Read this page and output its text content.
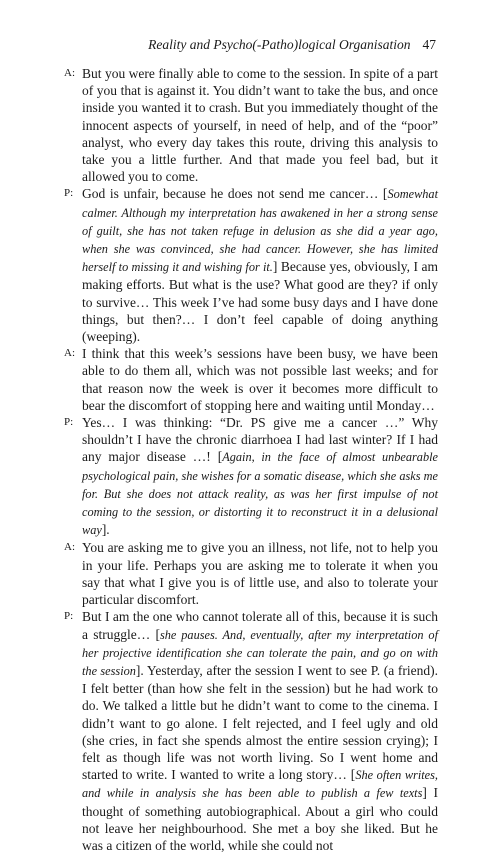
Reality and Psycho(-Patho)logical Organisation 47

A: But you were finally able to come to the session. In spite of a part of you that is against it. You didn’t want to take the bus, and once inside you wanted it to crash. But you immediately thought of the innocent aspects of yourself, in need of help, and of the “poor” analyst, who every day takes this route, driving this analysis to take you a little further. And that made you feel bad, but it allowed you to come.

P: God is unfair, because he does not send me cancer… [Somewhat calmer. Although my interpretation has awakened in her a strong sense of guilt, she has not taken refuge in delusion as she did a year ago, when she was convinced, she had cancer. However, she has limited herself to missing it and wishing for it.] Because yes, obviously, I am making efforts. But what is the use? What good are they? if only to survive… This week I’ve had some busy days and I have done things, but then?… I don’t feel capable of doing anything (weeping).

A: I think that this week’s sessions have been busy, we have been able to do them all, which was not possible last weeks; and for that reason now the week is over it becomes more difficult to bear the discomfort of stopping here and waiting until Monday…

P: Yes… I was thinking: “Dr. PS give me a cancer …” Why shouldn’t I have the chronic diarrhoea I had last winter? If I had any major disease …! [Again, in the face of almost unbearable psychological pain, she wishes for a somatic disease, which she asks me for. But she does not attack reality, as was her first impulse of not coming to the session, or distorting it to reconstruct it in a delusional way].

A: You are asking me to give you an illness, not life, not to help you in your life. Perhaps you are asking me to tolerate it when you say that what I give you is of little use, and also to tolerate your particular discomfort.

P: But I am the one who cannot tolerate all of this, because it is such a struggle… [she pauses. And, eventually, after my interpretation of her projective identification she can tolerate the pain, and go on with the session]. Yesterday, after the session I went to see P. (a friend). I felt better (than how she felt in the session) but he had work to do. We talked a little but he didn’t want to come to the cinema. I didn’t want to go alone. I felt rejected, and I feel ugly and old (she cries, in fact she spends almost the entire session crying); I felt as though life was not worth living. So I went home and started to write. I wanted to write a long story… [She often writes, and while in analysis she has been able to publish a few texts] I thought of something autobiographical. About a girl who could not leave her neighbourhood. She met a boy she liked. But he was a citizen of the world, while she could not
